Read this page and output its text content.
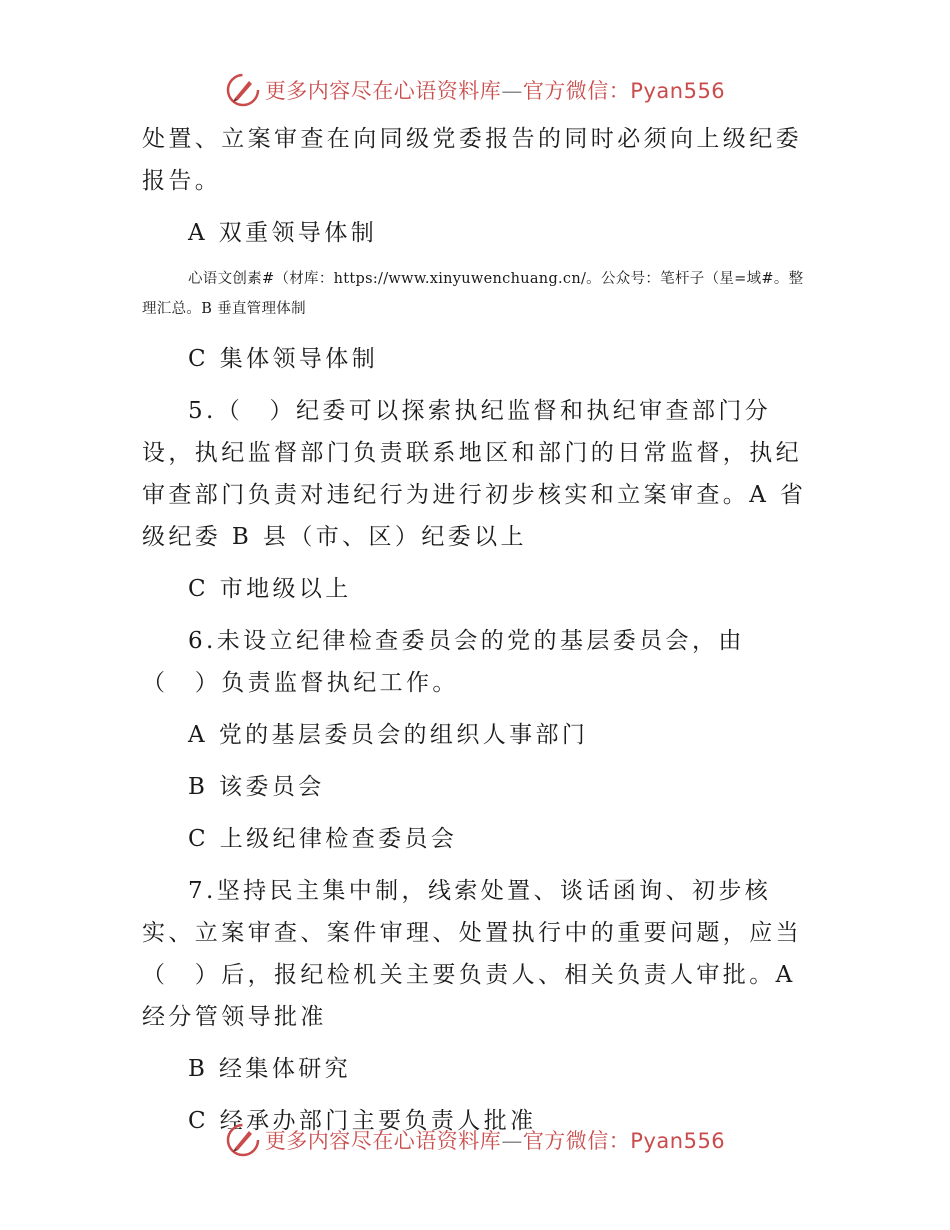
更多内容尽在心语资料库—官方微信：Pyan556

处置、立案审查在向同级党委报告的同时必须向上级纪委报告。

A 双重领导体制

心语文创素#（材库：https://www.xinyuwenchuang.cn/。公众号：笔杆子（星=域#。整理汇总。B 垂直管理体制

C 集体领导体制

5.（　）纪委可以探索执纪监督和执纪审查部门分设，执纪监督部门负责联系地区和部门的日常监督，执纪审查部门负责对违纪行为进行初步核实和立案审查。A 省级纪委 B 县（市、区）纪委以上

C 市地级以上

6.未设立纪律检查委员会的党的基层委员会，由（　）负责监督执纪工作。

A 党的基层委员会的组织人事部门

B 该委员会

C 上级纪律检查委员会

7.坚持民主集中制，线索处置、谈话函询、初步核实、立案审查、案件审理、处置执行中的重要问题，应当（　）后，报纪检机关主要负责人、相关负责人审批。A 经分管领导批准

B 经集体研究

C 经承办部门主要负责人批准

更多内容尽在心语资料库—官方微信：Pyan556
